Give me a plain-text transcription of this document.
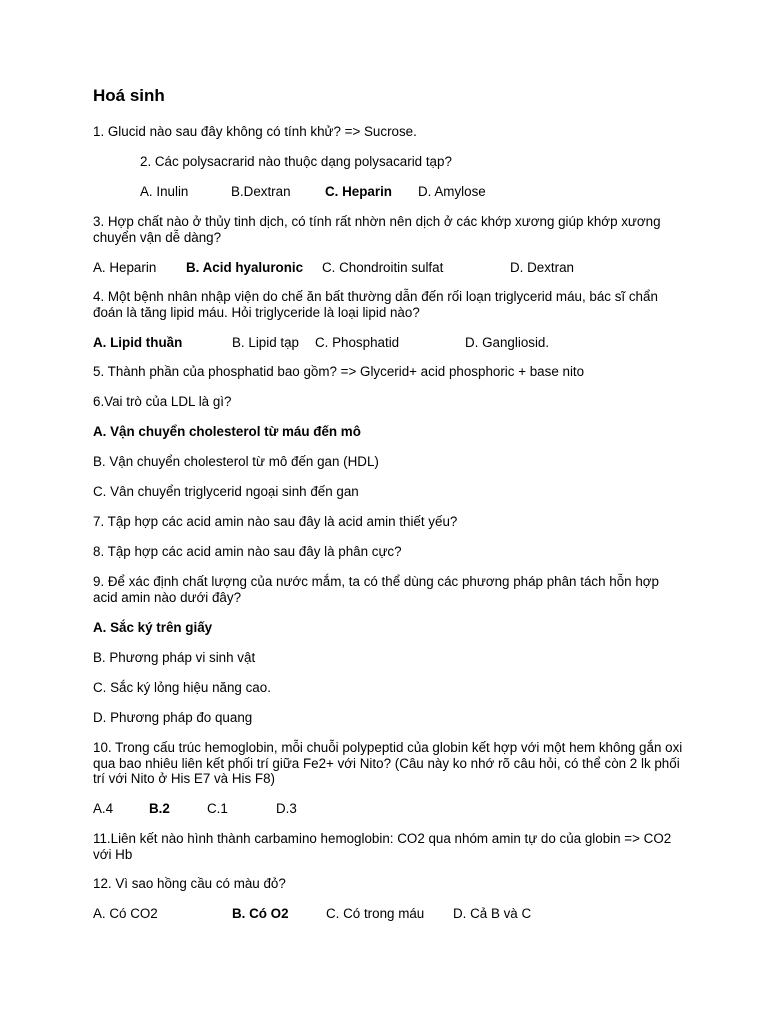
Hoá sinh
1. Glucid nào sau đây không có tính khử? => Sucrose.
2. Các polysacrarid nào thuộc dạng polysacarid tạp?
A. Inulin	B.Dextran	C. Heparin D. Amylose
3. Hợp chất nào ở thủy tinh dịch, có tính rất nhờn nên dịch ở các khớp xương giúp khớp xương chuyển vận dễ dàng?
A. Heparin B. Acid hyaluronic C. Chondroitin sulfat	D. Dextran
4. Một bệnh nhân nhập viện do chế ăn bất thường dẫn đến rối loạn triglycerid máu, bác sĩ chẩn đoán là tăng lipid máu. Hỏi triglyceride là loại lipid nào?
A. Lipid thuần	B. Lipid tạp C. Phosphatid	D. Gangliosid.
5. Thành phần của phosphatid bao gồm? => Glycerid+ acid phosphoric + base nito
6.Vai trò của LDL là gì?
A. Vận chuyển cholesterol từ máu đến mô
B. Vận chuyển cholesterol từ mô đến gan (HDL)
C. Vân chuyển triglycerid ngoại sinh đến gan
7. Tập hợp các acid amin nào sau đây là acid amin thiết yếu?
8. Tập hợp các acid amin nào sau đây là phân cực?
9. Để xác định chất lượng của nước mắm, ta có thể dùng các phương pháp phân tách hỗn hợp acid amin nào dưới đây?
A. Sắc ký trên giấy
B. Phương pháp vi sinh vật
C. Sắc ký lỏng hiệu năng cao.
D. Phương pháp đo quang
10. Trong cấu trúc hemoglobin, mỗi chuỗi polypeptid của globin kết hợp với một hem không gắn oxi qua bao nhiêu liên kết phối trí giữa Fe2+ với Nito? (Câu này ko nhớ rõ câu hỏi, có thể còn 2 lk phối trí với Nito ở His E7 và His F8)
A.4	B.2	C.1	D.3
11.Liên kết nào hình thành carbamino hemoglobin: CO2 qua nhóm amin tự do của globin => CO2 với Hb
12. Vì sao hồng cầu có màu đỏ?
A. Có CO2	B. Có O2	C. Có trong máu D. Cả B và C
